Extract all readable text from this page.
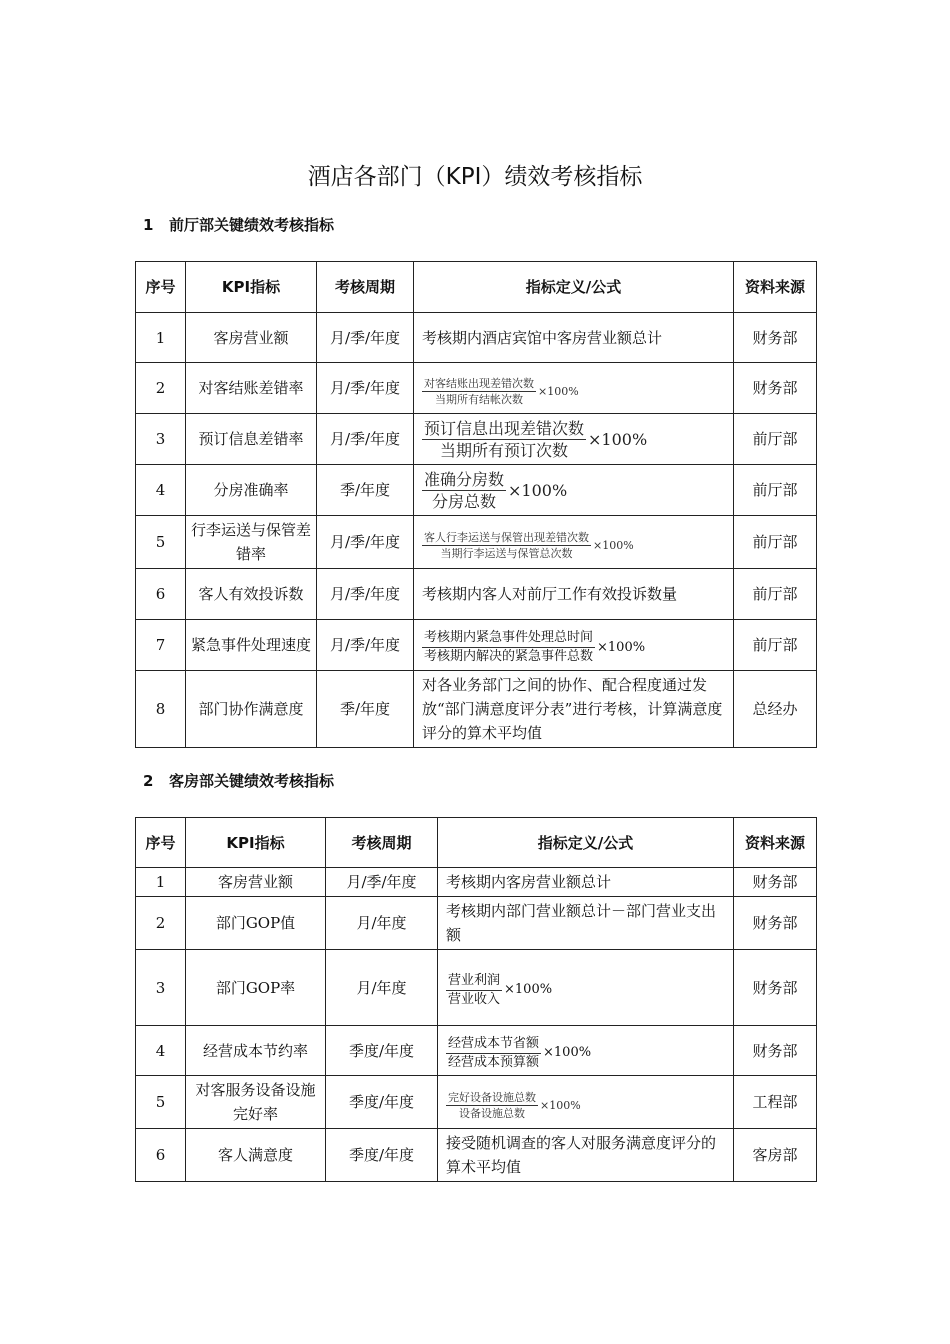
酒店各部门（KPI）绩效考核指标
1 前厅部关键绩效考核指标
序号	KPI指标	考核周期	指标定义/公式	资料来源
1	客房营业额	月/季/年度	考核期内酒店宾馆中客房营业额总计	财务部
2	对客结账差错率	月/季/年度	$\frac{\text{对客结账出现差错次数}}{\text{当期所有结帐次数}} \times 100\%$	财务部
3	预订信息差错率	月/季/年度	$\frac{\text{预订信息出现差错次数}}{\text{当期所有预订次数}} \times 100\%$	前厅部
4	分房准确率	季/年度	$\frac{\text{准确分房数}}{\text{分房总数}} \times 100\%$	前厅部
5	行李运送与保管差错率	月/季/年度	$\frac{\text{客人行李运送与保管出现差错次数}}{\text{当期行李运送与保管总次数}} \times 100\%$	前厅部
6	客人有效投诉数	月/季/年度	考核期内客人对前厅工作有效投诉数量	前厅部
7	紧急事件处理速度	月/季/年度	$\frac{\text{考核期内紧急事件处理总时间}}{\text{考核期内解决的紧急事件总数}} \times 100\%$	前厅部
8	部门协作满意度	季/年度	对各业务部门之间的协作、配合程度通过发放“部门满意度评分表”进行考核，计算满意度评分的算术平均值	总经办
2 客房部关键绩效考核指标
序号	KPI指标	考核周期	指标定义/公式	资料来源
1	客房营业额	月/季/年度	考核期内客房营业额总计	财务部
2	部门GOP值	月/年度	考核期内部门营业额总计－部门营业支出额	财务部
3	部门GOP率	月/年度	$\frac{\text{营业利润}}{\text{营业收入}} \times 100\%$	财务部
4	经营成本节约率	季度/年度	$\frac{\text{经营成本节省额}}{\text{经营成本预算额}} \times 100\%$	财务部
5	对客服务设备设施完好率	季度/年度	$\frac{\text{完好设备设施总数}}{\text{设备设施总数}} \times 100\%$	工程部
6	客人满意度	季度/年度	接受随机调查的客人对服务满意度评分的算术平均值	客房部
